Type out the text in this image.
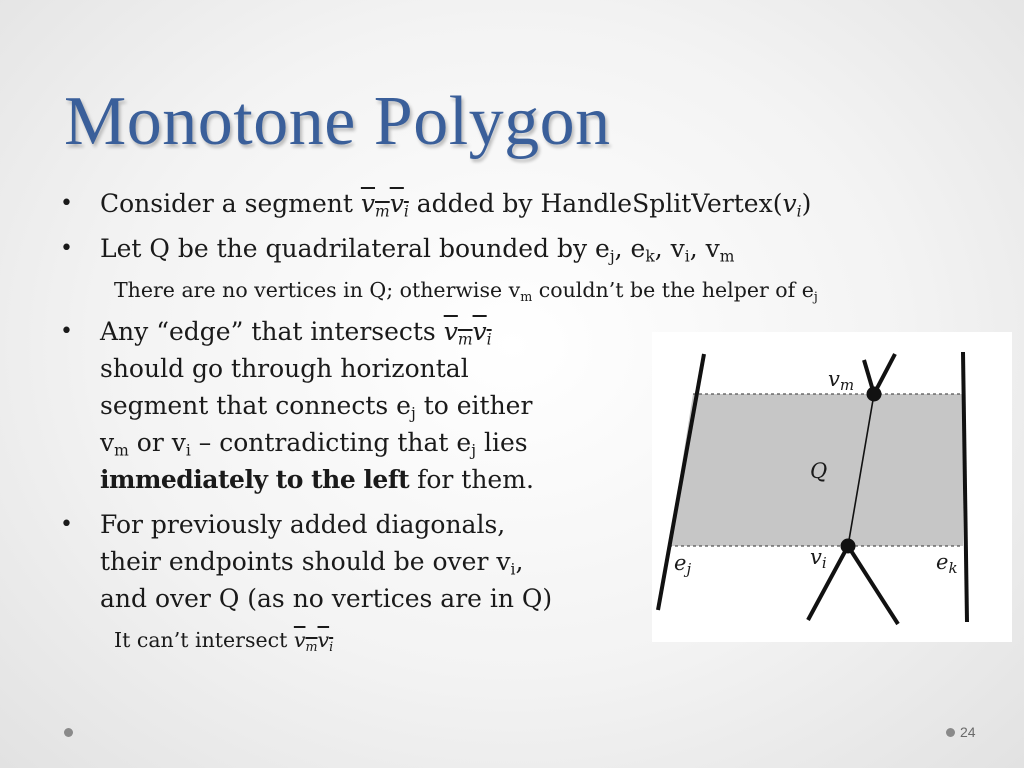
Monotone Polygon

• Consider a segment $v_mv_i$ added by $HandleSplitVertex(v_i)$

• Let Q be the quadrilateral bounded by $e_j$, $e_k$, $v_i$, $v_m$

There are no vertices in Q; otherwise $v_m$ couldn’t be the helper of $e_j$

• Any “edge” that intersects $v_mv_i$
should go through horizontal
segment that connects $e_j$ to either
$v_m$ or $v_i$ – contradicting that $e_j$ lies
immediately to the left for them.
• For previously added diagonals,
their endpoints should be over $v_i$,
and over Q (as no vertices are in Q)

It can’t intersect $v_mv_i$

vm
Q
vi
ej	ek
24
